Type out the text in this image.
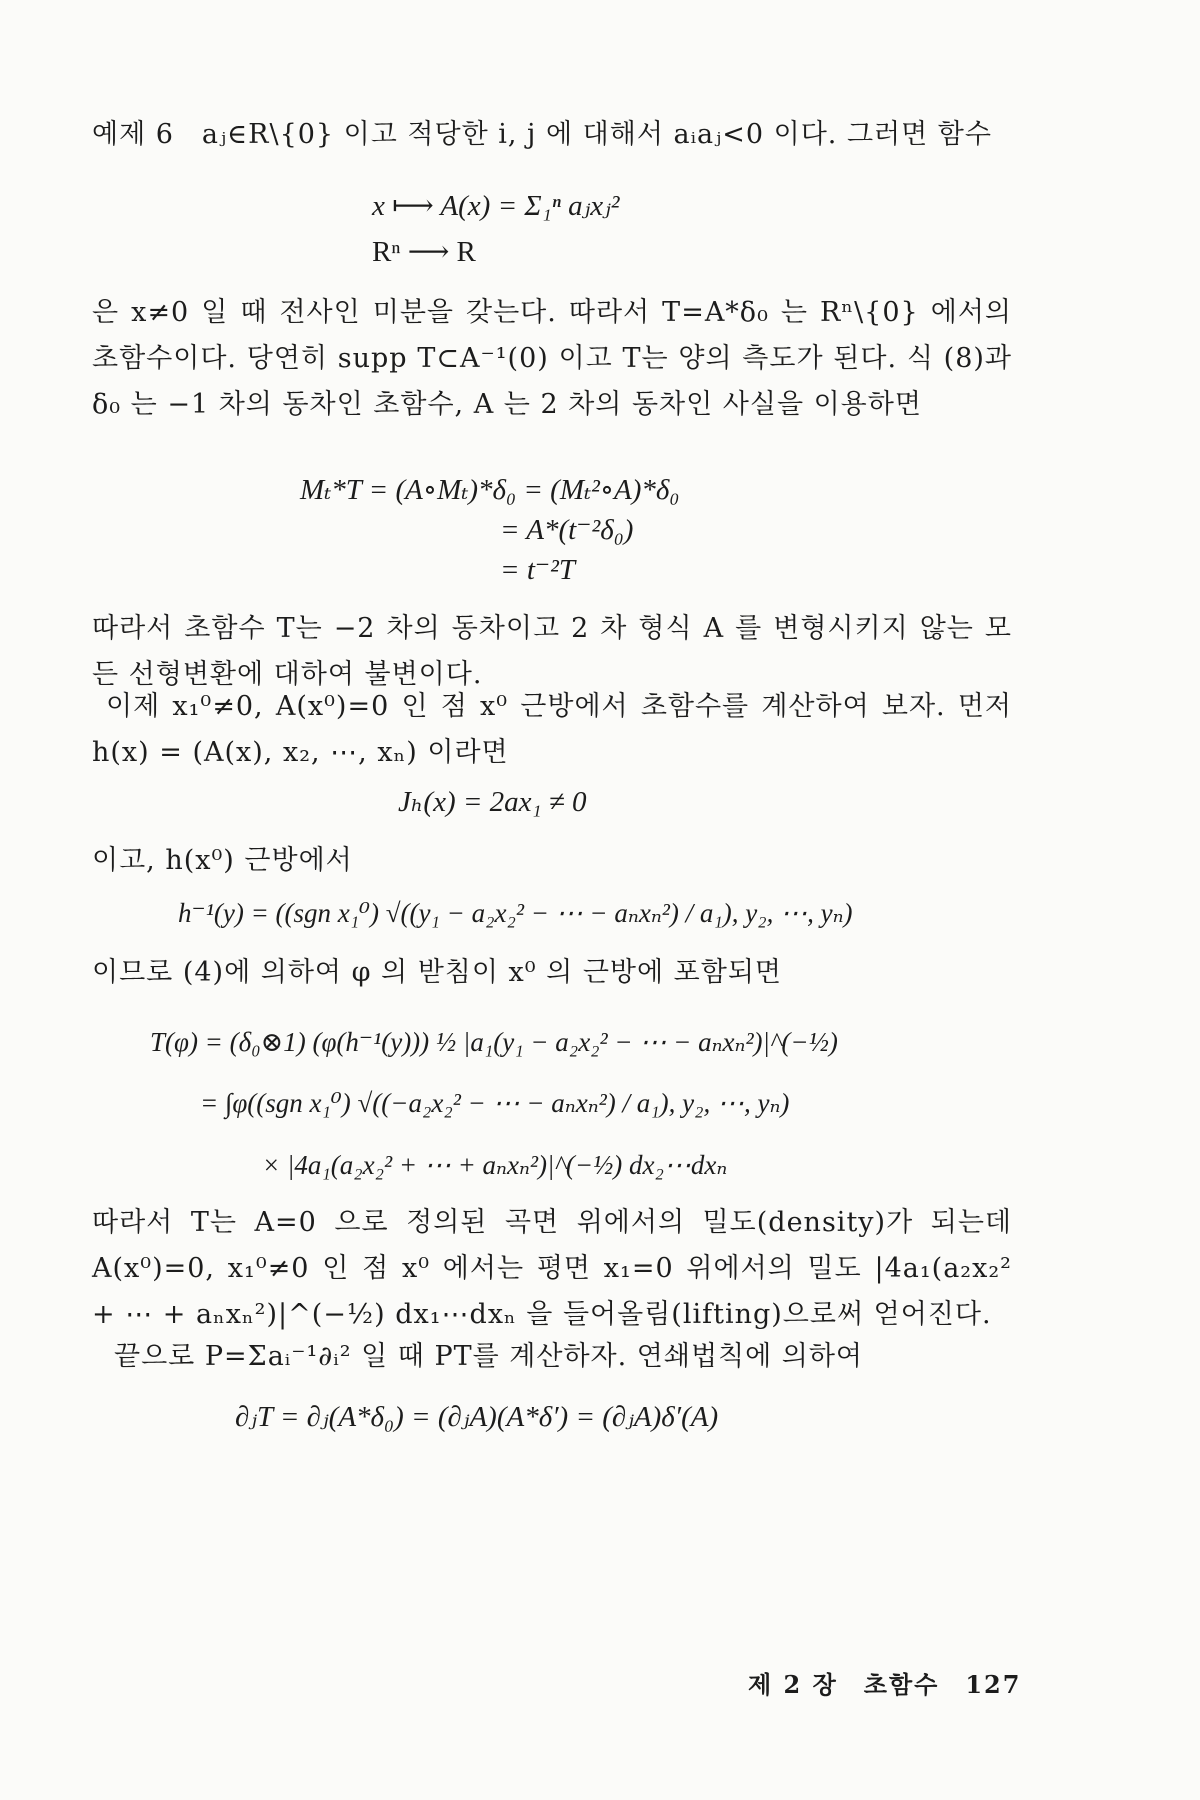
예제 6　aⱼ∈R\{0} 이고 적당한 i, j 에 대해서 aᵢaⱼ<0 이다. 그러면 함수

x ⟼ A(x) = Σ₁ⁿ aⱼxⱼ²

Rⁿ ⟶ R

은 x≠0 일 때 전사인 미분을 갖는다. 따라서 T=A*δ₀ 는 Rⁿ\{0} 에서의 초함수이다. 당연히 supp T⊂A⁻¹(0) 이고 T는 양의 측도가 된다. 식 (8)과 δ₀ 는 −1 차의 동차인 초함수, A 는 2 차의 동차인 사실을 이용하면

Mₜ*T = (A∘Mₜ)*δ₀ = (Mₜ²∘A)*δ₀

= A*(t⁻²δ₀)

= t⁻²T

따라서 초함수 T는 −2 차의 동차이고 2 차 형식 A 를 변형시키지 않는 모든 선형변환에 대하여 불변이다.

이제 x₁⁰≠0, A(x⁰)=0 인 점 x⁰ 근방에서 초함수를 계산하여 보자. 먼저 h(x) = (A(x), x₂, ⋯, xₙ) 이라면

Jₕ(x) = 2ax₁ ≠ 0

이고, h(x⁰) 근방에서

h⁻¹(y) = ((sgn x₁⁰) √((y₁ − a₂x₂² − ⋯ − aₙxₙ²) / a₁), y₂, ⋯, yₙ)

이므로 (4)에 의하여 φ 의 받침이 x⁰ 의 근방에 포함되면

T(φ) = (δ₀⊗1) (φ(h⁻¹(y))) ½ |a₁(y₁ − a₂x₂² − ⋯ − aₙxₙ²)|^(−½)

= ∫φ((sgn x₁⁰) √((−a₂x₂² − ⋯ − aₙxₙ²) / a₁), y₂, ⋯, yₙ)

× |4a₁(a₂x₂² + ⋯ + aₙxₙ²)|^(−½) dx₂⋯dxₙ

따라서 T는 A=0 으로 정의된 곡면 위에서의 밀도(density)가 되는데 A(x⁰)=0, x₁⁰≠0 인 점 x⁰ 에서는 평면 x₁=0 위에서의 밀도 |4a₁(a₂x₂² + ⋯ + aₙxₙ²)|^(−½) dx₁⋯dxₙ 을 들어올림(lifting)으로써 얻어진다.

끝으로 P=Σaᵢ⁻¹∂ᵢ² 일 때 PT를 계산하자. 연쇄법칙에 의하여

∂ⱼT = ∂ⱼ(A*δ₀) = (∂ⱼA)(A*δ′) = (∂ⱼA)δ′(A)

제 2 장　초함수　127
